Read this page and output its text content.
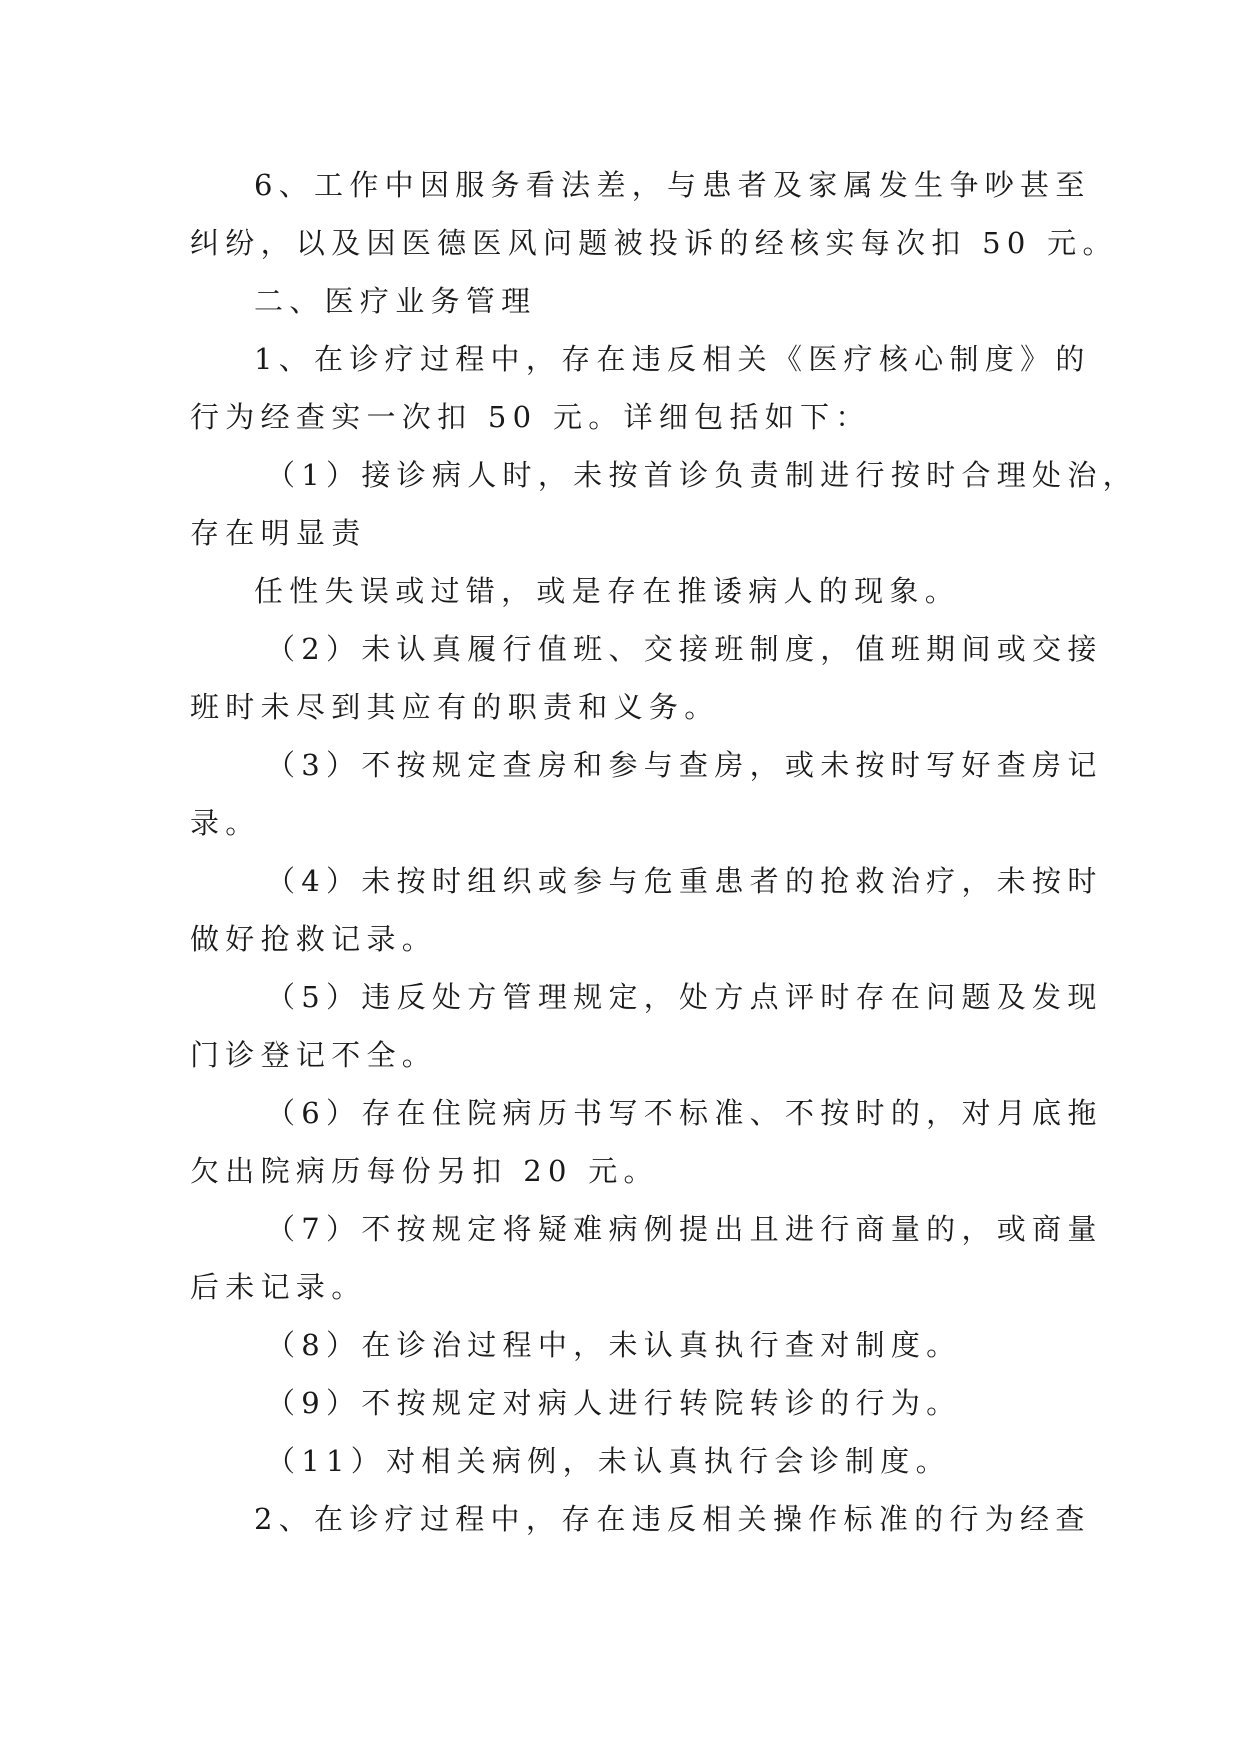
6、工作中因服务看法差，与患者及家属发生争吵甚至
纠纷，以及因医德医风问题被投诉的经核实每次扣 50 元。
二、医疗业务管理
1、在诊疗过程中，存在违反相关《医疗核心制度》的
行为经查实一次扣 50 元。详细包括如下：
（1）接诊病人时，未按首诊负责制进行按时合理处治，
存在明显责
任性失误或过错，或是存在推诿病人的现象。
（2）未认真履行值班、交接班制度，值班期间或交接
班时未尽到其应有的职责和义务。
（3）不按规定查房和参与查房，或未按时写好查房记
录。
（4）未按时组织或参与危重患者的抢救治疗，未按时
做好抢救记录。
（5）违反处方管理规定，处方点评时存在问题及发现
门诊登记不全。
（6）存在住院病历书写不标准、不按时的，对月底拖
欠出院病历每份另扣 20 元。
（7）不按规定将疑难病例提出且进行商量的，或商量
后未记录。
（8）在诊治过程中，未认真执行查对制度。
（9）不按规定对病人进行转院转诊的行为。
（11）对相关病例，未认真执行会诊制度。
2、在诊疗过程中，存在违反相关操作标准的行为经查
